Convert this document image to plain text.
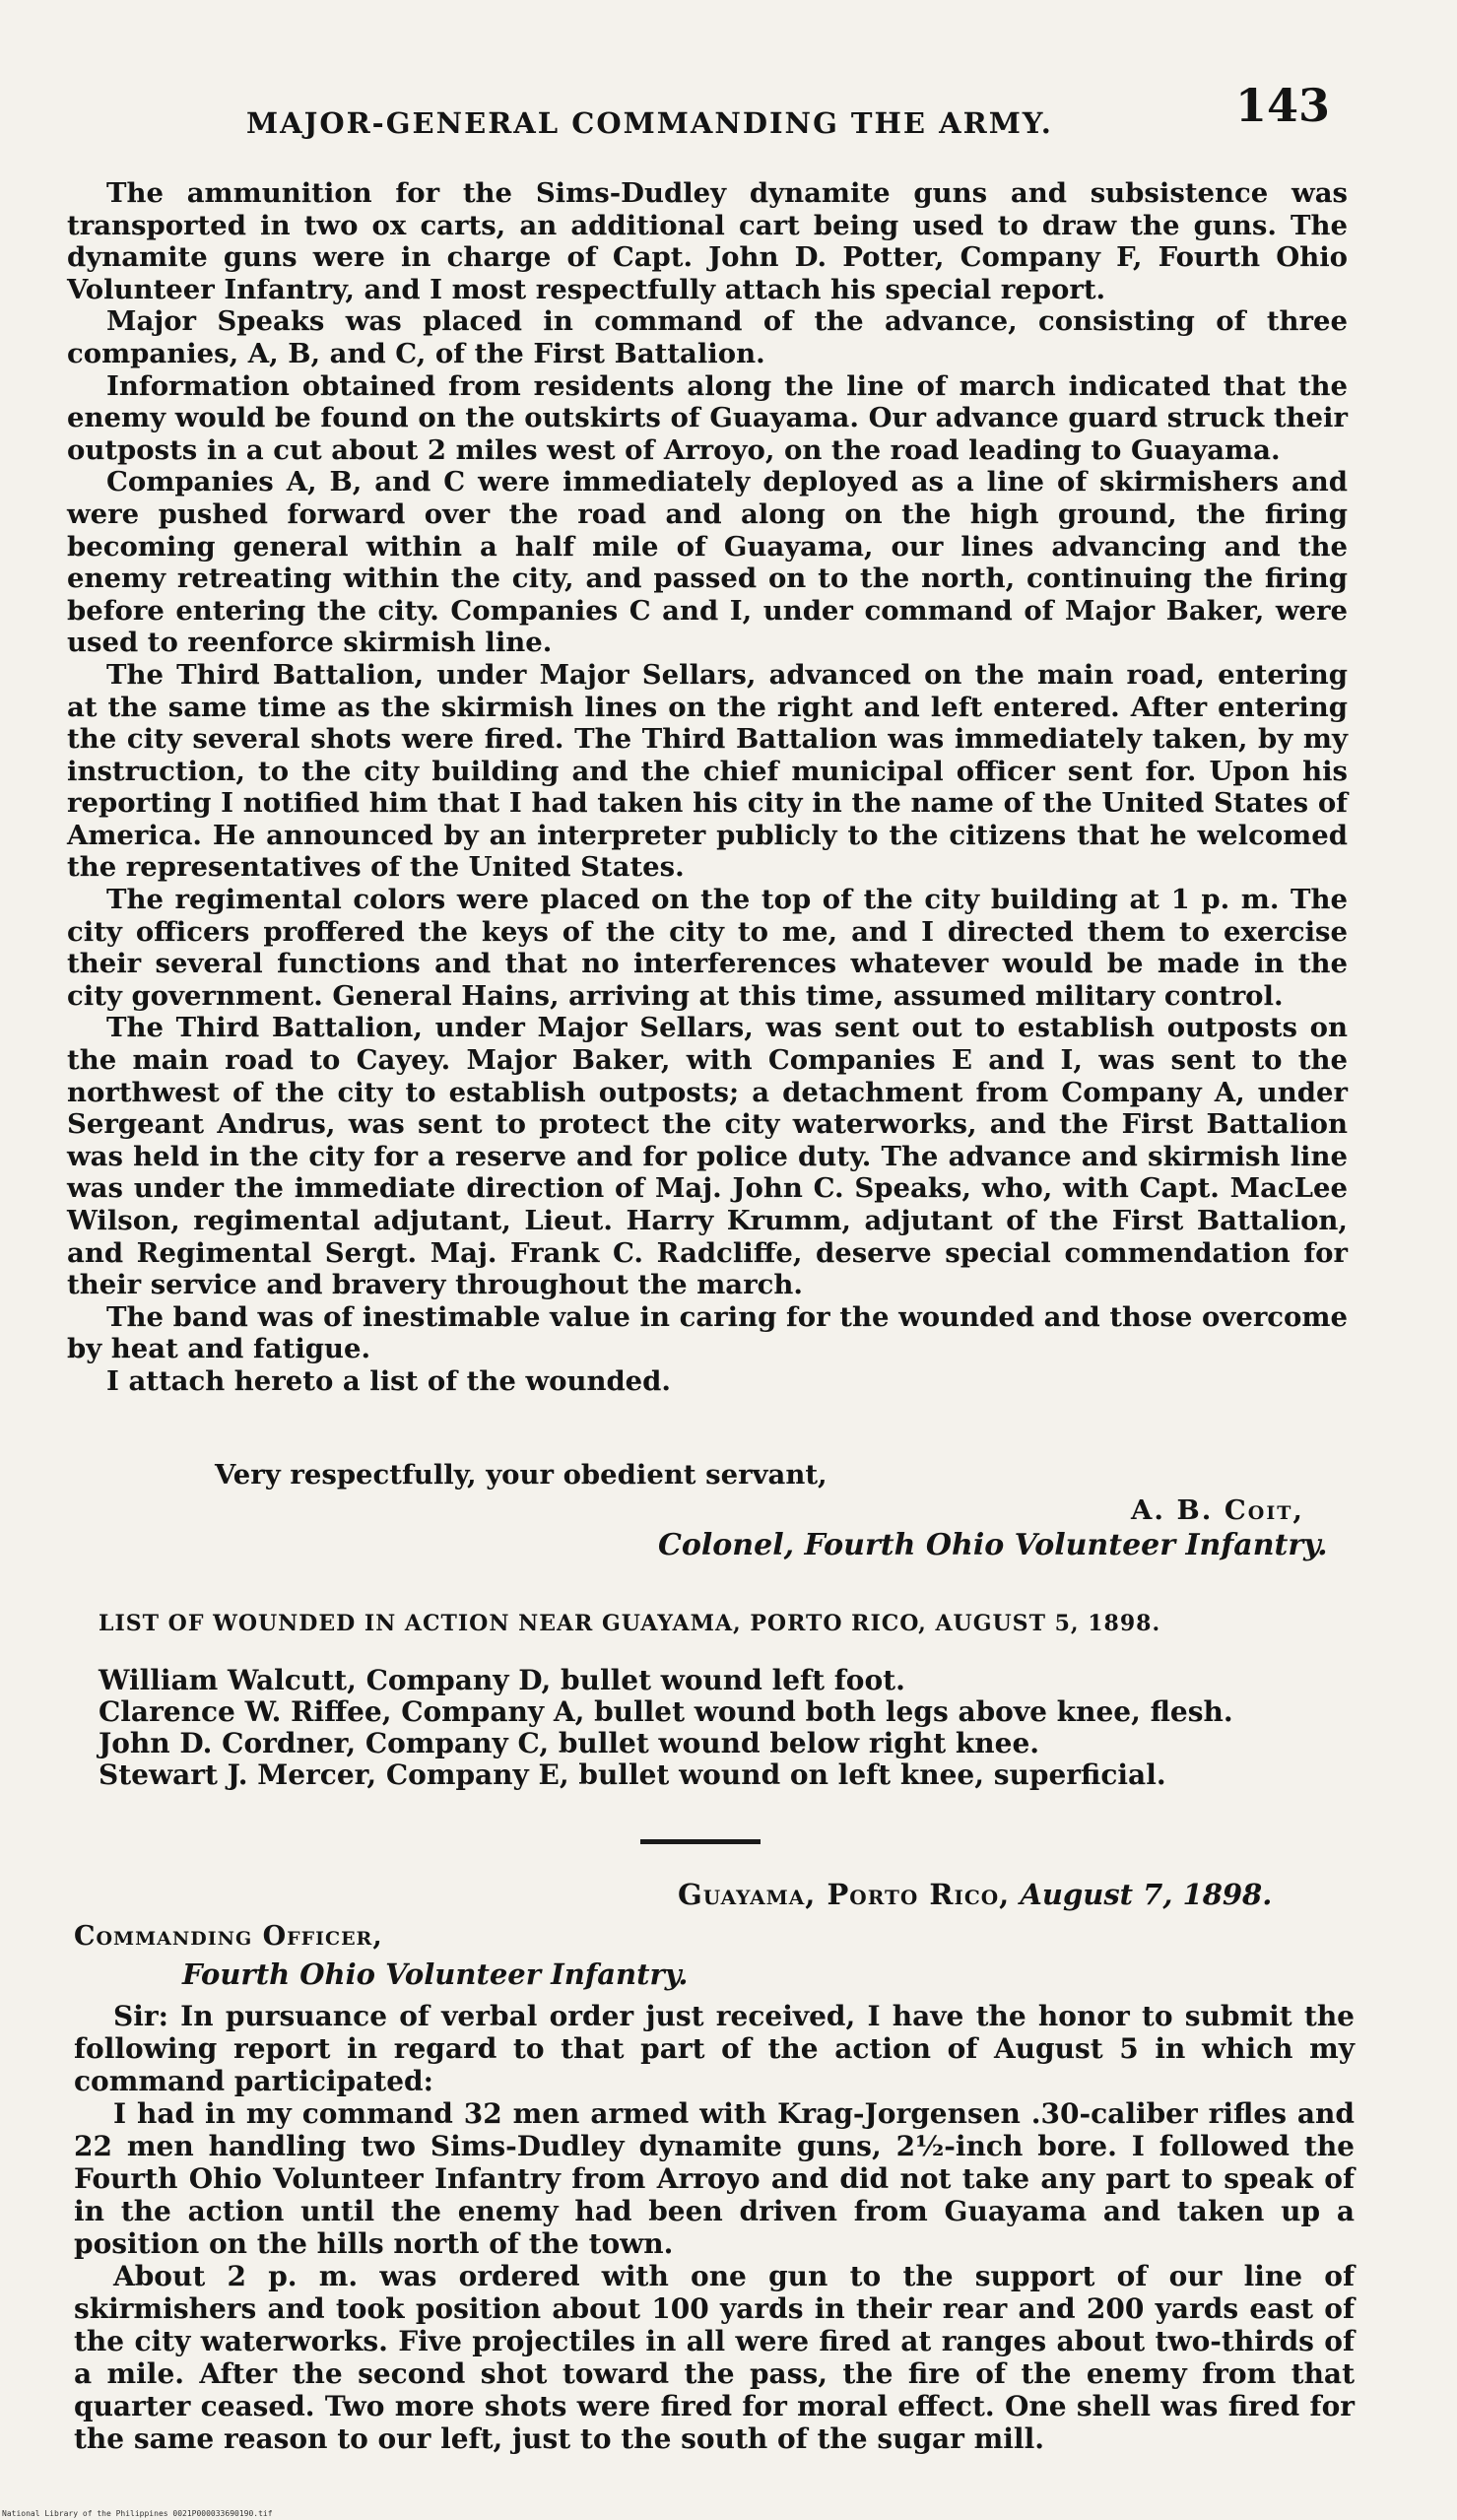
MAJOR-GENERAL COMMANDING THE ARMY.	143

The ammunition for the Sims-Dudley dynamite guns and subsistence was transported in two ox carts, an additional cart being used to draw the guns. The dynamite guns were in charge of Capt. John D. Potter, Company F, Fourth Ohio Volunteer Infantry, and I most respectfully attach his special report.

Major Speaks was placed in command of the advance, consisting of three companies, A, B, and C, of the First Battalion.

Information obtained from residents along the line of march indicated that the enemy would be found on the outskirts of Guayama. Our advance guard struck their outposts in a cut about 2 miles west of Arroyo, on the road leading to Guayama.

Companies A, B, and C were immediately deployed as a line of skirmishers and were pushed forward over the road and along on the high ground, the firing becoming general within a half mile of Guayama, our lines advancing and the enemy retreating within the city, and passed on to the north, continuing the firing before entering the city. Companies C and I, under command of Major Baker, were used to reenforce skirmish line.

The Third Battalion, under Major Sellars, advanced on the main road, entering at the same time as the skirmish lines on the right and left entered. After entering the city several shots were fired. The Third Battalion was immediately taken, by my instruction, to the city building and the chief municipal officer sent for. Upon his reporting I notified him that I had taken his city in the name of the United States of America. He announced by an interpreter publicly to the citizens that he welcomed the representatives of the United States.

The regimental colors were placed on the top of the city building at 1 p. m. The city officers proffered the keys of the city to me, and I directed them to exercise their several functions and that no interferences whatever would be made in the city government. General Hains, arriving at this time, assumed military control.

The Third Battalion, under Major Sellars, was sent out to establish outposts on the main road to Cayey. Major Baker, with Companies E and I, was sent to the northwest of the city to establish outposts; a detachment from Company A, under Sergeant Andrus, was sent to protect the city waterworks, and the First Battalion was held in the city for a reserve and for police duty. The advance and skirmish line was under the immediate direction of Maj. John C. Speaks, who, with Capt. MacLee Wilson, regimental adjutant, Lieut. Harry Krumm, adjutant of the First Battalion, and Regimental Sergt. Maj. Frank C. Radcliffe, deserve special commendation for their service and bravery throughout the march.

The band was of inestimable value in caring for the wounded and those overcome by heat and fatigue.

I attach hereto a list of the wounded.

Very respectfully, your obedient servant,
A. B. Coit,
Colonel, Fourth Ohio Volunteer Infantry.
LIST OF WOUNDED IN ACTION NEAR GUAYAMA, PORTO RICO, AUGUST 5, 1898.
William Walcutt, Company D, bullet wound left foot.
Clarence W. Riffee, Company A, bullet wound both legs above knee, flesh.
John D. Cordner, Company C, bullet wound below right knee.
Stewart J. Mercer, Company E, bullet wound on left knee, superficial.
Guayama, Porto Rico, August 7, 1898.
Commanding Officer,
Fourth Ohio Volunteer Infantry.

Sir: In pursuance of verbal order just received, I have the honor to submit the following report in regard to that part of the action of August 5 in which my command participated:

I had in my command 32 men armed with Krag-Jorgensen .30-caliber rifles and 22 men handling two Sims-Dudley dynamite guns, 2½-inch bore. I followed the Fourth Ohio Volunteer Infantry from Arroyo and did not take any part to speak of in the action until the enemy had been driven from Guayama and taken up a position on the hills north of the town.

About 2 p. m. was ordered with one gun to the support of our line of skirmishers and took position about 100 yards in their rear and 200 yards east of the city waterworks. Five projectiles in all were fired at ranges about two-thirds of a mile. After the second shot toward the pass, the fire of the enemy from that quarter ceased. Two more shots were fired for moral effect. One shell was fired for the same reason to our left, just to the south of the sugar mill.

National Library of the Philippines 0021P000033690190.tif
